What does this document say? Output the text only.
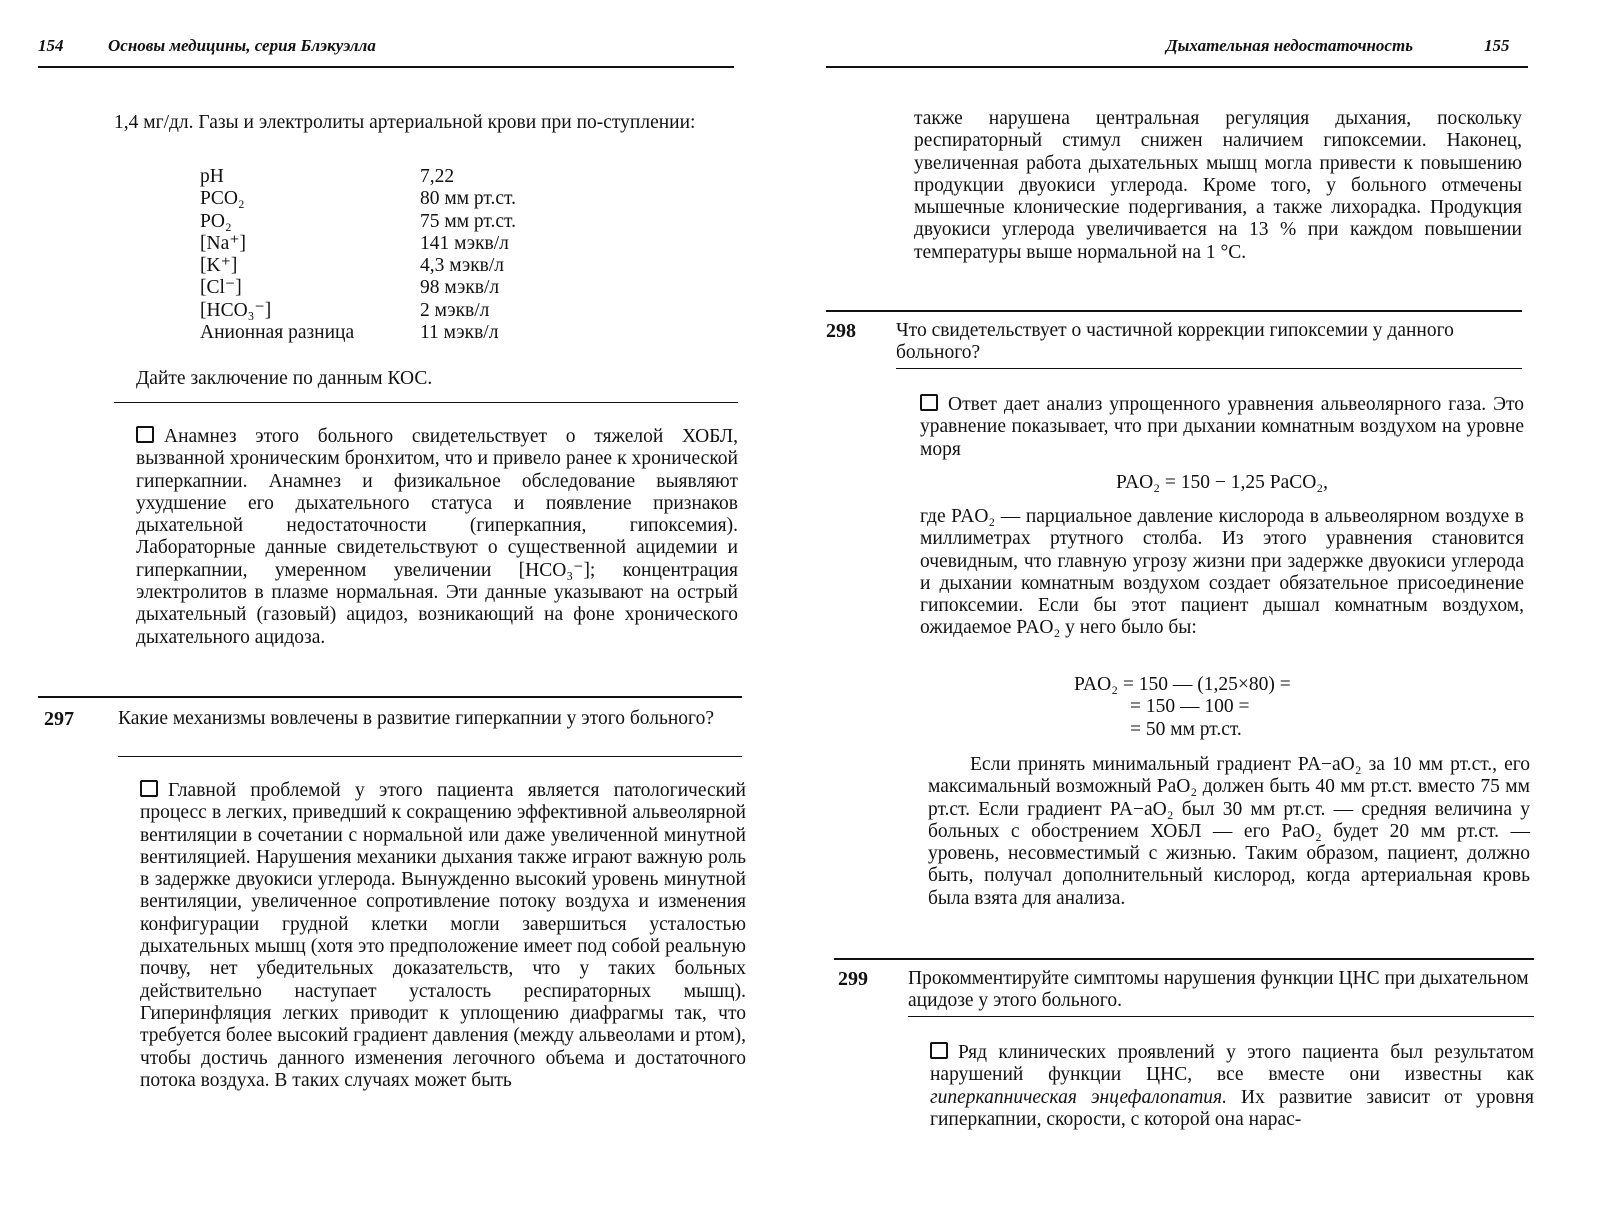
154	Основы медицины, серия Блэкуэлла
1,4 мг/дл. Газы и электролиты артериальной крови при по-ступлении:
pH	7,22
PCO₂	80 мм рт.ст.
PO₂	75 мм рт.ст.
[Na⁺]	141 мэкв/л
[K⁺]	4,3 мэкв/л
[Cl⁻]	98 мэкв/л
[HCO₃⁻]	2 мэкв/л
Анионная разница	11 мэкв/л
Дайте заключение по данным КОС.

Анамнез этого больного свидетельствует о тяжелой ХОБЛ, вызванной хроническим бронхитом, что и привело ранее к хронической гиперкапнии. Анамнез и физикальное обследование выявляют ухудшение его дыхательного статуса и появление признаков дыхательной недостаточности (гиперкапния, гипоксемия). Лабораторные данные свидетельствуют о существенной ацидемии и гиперкапнии, умеренном увеличении [HCO₃⁻]; концентрация электролитов в плазме нормальная. Эти данные указывают на острый дыхательный (газовый) ацидоз, возникающий на фоне хронического дыхательного ацидоза.

297 Какие механизмы вовлечены в развитие гиперкапнии у этого больного?

Главной проблемой у этого пациента является патологический процесс в легких, приведший к сокращению эффективной альвеолярной вентиляции в сочетании с нормальной или даже увеличенной минутной вентиляцией. Нарушения механики дыхания также играют важную роль в задержке двуокиси углерода. Вынужденно высокий уровень минутной вентиляции, увеличенное сопротивление потоку воздуха и изменения конфигурации грудной клетки могли завершиться усталостью дыхательных мышц (хотя это предположение имеет под собой реальную почву, нет убедительных доказательств, что у таких больных действительно наступает усталость респираторных мышц). Гиперинфляция легких приводит к уплощению диафрагмы так, что требуется более высокий градиент давления (между альвеолами и ртом), чтобы достичь данного изменения легочного объема и достаточного потока воздуха. В таких случаях может быть

Дыхательная недостаточность	155
также нарушена центральная регуляция дыхания, поскольку респираторный стимул снижен наличием гипоксемии. Наконец, увеличенная работа дыхательных мышц могла привести к повышению продукции двуокиси углерода. Кроме того, у больного отмечены мышечные клонические подергивания, а также лихорадка. Продукция двуокиси углерода увеличивается на 13 % при каждом повышении температуры выше нормальной на 1 °С.
298 Что свидетельствует о частичной коррекции гипоксемии у данного больного?

Ответ дает анализ упрощенного уравнения альвеолярного газа. Это уравнение показывает, что при дыхании комнатным воздухом на уровне моря

PAO₂ = 150 − 1,25 PaCO₂,
где PAO₂ — парциальное давление кислорода в альвеолярном воздухе в миллиметрах ртутного столба. Из этого уравнения становится очевидным, что главную угрозу жизни при задержке двуокиси углерода и дыхании комнатным воздухом создает обязательное присоединение гипоксемии. Если бы этот пациент дышал комнатным воздухом, ожидаемое PAO₂ у него было бы:
PAO₂ = 150 — (1,25×80) =
= 150 — 100 =
= 50 мм рт.ст.
Если принять минимальный градиент PA−aO₂ за 10 мм рт.ст., его максимальный возможный PaO₂ должен быть 40 мм рт.ст. вместо 75 мм рт.ст. Если градиент PA−aO₂ был 30 мм рт.ст. — средняя величина у больных с обострением ХОБЛ — его PaO₂ будет 20 мм рт.ст. — уровень, несовместимый с жизнью. Таким образом, пациент, должно быть, получал дополнительный кислород, когда артериальная кровь была взята для анализа.
299 Прокомментируйте симптомы нарушения функции ЦНС при дыхательном ацидозе у этого больного.

Ряд клинических проявлений у этого пациента был результатом нарушений функции ЦНС, все вместе они известны как гиперкапническая энцефалопатия. Их развитие зависит от уровня гиперкапнии, скорости, с которой она нарас-
